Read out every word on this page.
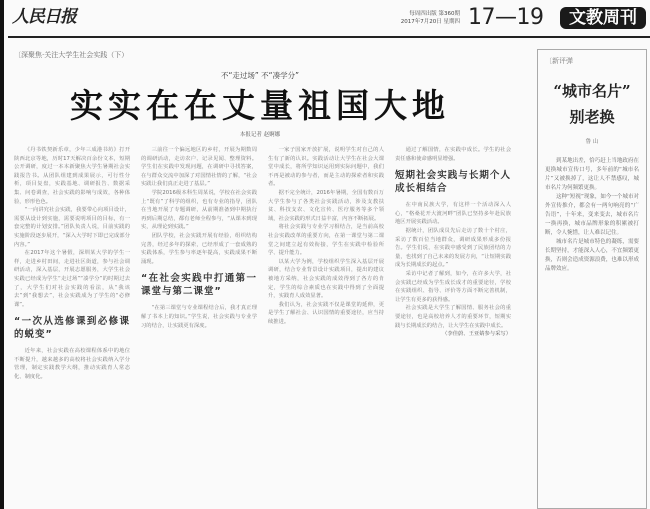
人民日报	每周四出版 第360期
2017年7月20日 星期四 17—19	文教周刊
〔深聚焦·关注大学生社会实践（下）
不“走过场” 不“凑学分”
实实在在丈量祖国大地
本报记者 赵婀娜

《丹书铁契新乐章，少年三成港书坊》打开陕西北京等地，历时17天解决百余份文本，短期公开调研，度过一本本新聚焦大学生暑期社会实践报告书。从团队组建到成果展示，可行性分析，项目复盘，实践基地、调研报告、数据采集、问卷调查，社会实践的影响与成效，各种体验，形形色色。

“一向讲究社会实践，我要带心向项目设计，需要从设计到实施，需要说明项目的目标，有一套完整的计划安排。”团队负责人说，目前实践的实施阶段逐步展开，“深入大学时下即已完成部分内容。”

在2017年这个暑假，深圳某大学的学生一样，走进乡村田间，走进社区街道，参与社会调研活动，深入基层，开展志愿服务，大学生社会实践已经成为学生“走过场”“凑学分”的时期过去了，大学生们对社会实践的看法，从“我该去”到“我想去”，社会实践成为了学生的“必修课”。

“一次从选修课到必修课的蜕变”

近年来，社会实践在高校课程体系中的地位不断提升，越来越多的高校将社会实践纳入学分管理，制定实践教学大纲，推动实践育人常态化、制度化。

三前往一个偏远地区的乡村，开展为期数周的调研活动，走访农户、记录见闻、整理资料。学生们在实践中发现问题，在调研中寻找答案，在与群众交流中加深了对国情社情的了解，“社会实践让我们真正走进了基层。”

学院2016级本科生周某说，学校在社会实践上“既有”了科学的组织，也有专业的指导，团队在当地开展了专题调研，从前期准备到中期执行再到后期总结，都有老师全程参与，“从课本到现实，从理论到实践。”

团队学校，社会实践开展有经验，组织结构完善，经过多年的探索，已经形成了一套成熟的实践体系，学生参与率逐年提高，实践成果不断涌现。

“在社会实践中打通第一课堂与第二课堂”

“在第三课堂与专业课程结合后，我才真正理解了书本上的知识。”学生说，社会实践与专业学习的结合，让实践更有深度。

一家子国家开放扩展，说明学生对自己的人生有了新的认识。实践活动让大学生在社会大课堂中成长，将所学知识运用到实际问题中，我们不再是被动的参与者，而是主动的探索者和实践者。

据不完全统计，2016年暑期，全国有数百万大学生参与了各类社会实践活动，涉及支教扶贫、科技支农、文化宣传、医疗服务等多个领域，社会实践的形式日益丰富，内容不断拓展。

将社会实践与专业学习相结合，是当前高校社会实践改革的重要方向，在第一课堂与第二课堂之间建立起有效衔接，学生在实践中检验所学、提升能力。

以某大学为例，学校组织学生深入基层开展调研，结合专业背景设计实践项目，提出的建议被地方采纳，社会实践的成效得到了各方的肯定，学生的综合素质也在实践中得到了全面提升，实践育人成效显著。

我们认为，社会实践不仅是课堂的延伸，更是学生了解社会、认识国情的重要途径，应当持续推进。

通过了解国情，在实践中成长。学生的社会责任感和使命感明显增强。

短期社会实践与长期个人成长相结合

在中南民族大学，有这样一个活动深入人心，“格桑花开大渡河畔”团队已坚持多年赴民族地区开展实践活动。

据统计，团队成员先后走访了数十个村庄，采访了数百位当地群众，调研成果形成多份报告。学生们说，在实践中感受到了民族团结的力量，也找到了自己未来的发展方向，“让短期实践成为长期成长的起点。”

采访中记者了解到，如今，在许多大学，社会实践已经成为学生成长成才的重要途径，学校在实践组织、指导、评价等方面不断完善机制，让学生有更多的获得感。

社会实践是大学生了解国情、服务社会的重要途径，也是高校培养人才的重要环节，短期实践与长期成长的结合，让大学生在实践中成长。

（李佳蔚、王亚婧参与采写）

〔新评弹
“城市名片”
别老换
鲁 山

到某地出差，恰巧赶上当地政府在更换城市宣传口号，多年前的“城市名片”又被换掉了，这让人不禁感叹，城市名片为何频繁更换。

这种“短视”现象，如今一个城市对外宣传推介，都会有一两句响亮的“广告语”，十年来，变来变去，城市名片一换再换，城市品牌形象的积累被打断，令人惋惜，让人难以记住。

城市名片是城市特色的凝练，需要长期坚持，才能深入人心，不宜频繁更换，否则会造成资源浪费，也难以形成品牌效应。
